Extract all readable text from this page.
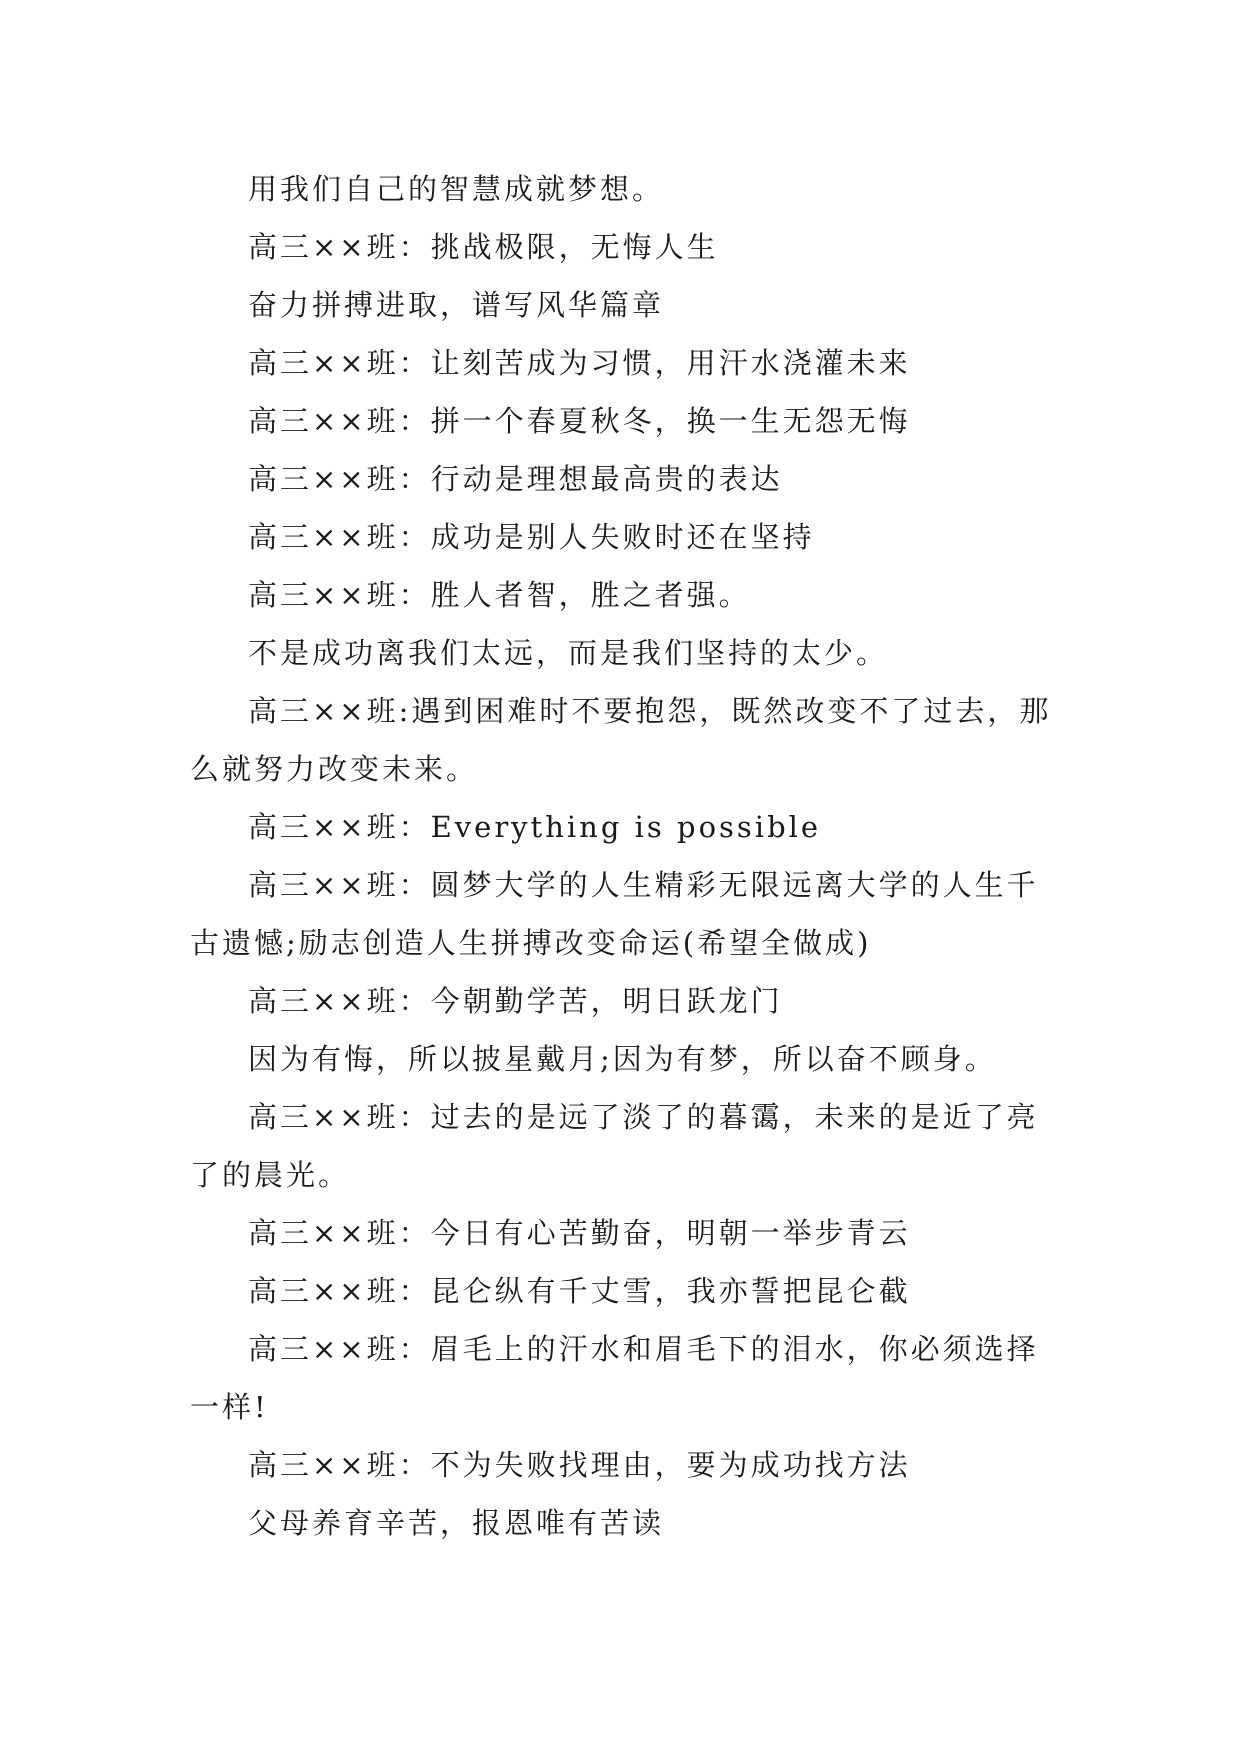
用我们自己的智慧成就梦想。

高三××班：挑战极限，无悔人生

奋力拼搏进取，谱写风华篇章

高三××班：让刻苦成为习惯，用汗水浇灌未来

高三××班：拼一个春夏秋冬，换一生无怨无悔

高三××班：行动是理想最高贵的表达

高三××班：成功是别人失败时还在坚持

高三××班：胜人者智，胜之者强。

不是成功离我们太远，而是我们坚持的太少。

高三××班:遇到困难时不要抱怨，既然改变不了过去，那么就努力改变未来。

高三××班：Everything is possible

高三××班：圆梦大学的人生精彩无限远离大学的人生千古遗憾;励志创造人生拼搏改变命运(希望全做成)

高三××班：今朝勤学苦，明日跃龙门

因为有悔，所以披星戴月;因为有梦，所以奋不顾身。

高三××班：过去的是远了淡了的暮霭，未来的是近了亮了的晨光。

高三××班：今日有心苦勤奋，明朝一举步青云

高三××班：昆仑纵有千丈雪，我亦誓把昆仑截

高三××班：眉毛上的汗水和眉毛下的泪水，你必须选择一样!

高三××班：不为失败找理由，要为成功找方法

父母养育辛苦，报恩唯有苦读
